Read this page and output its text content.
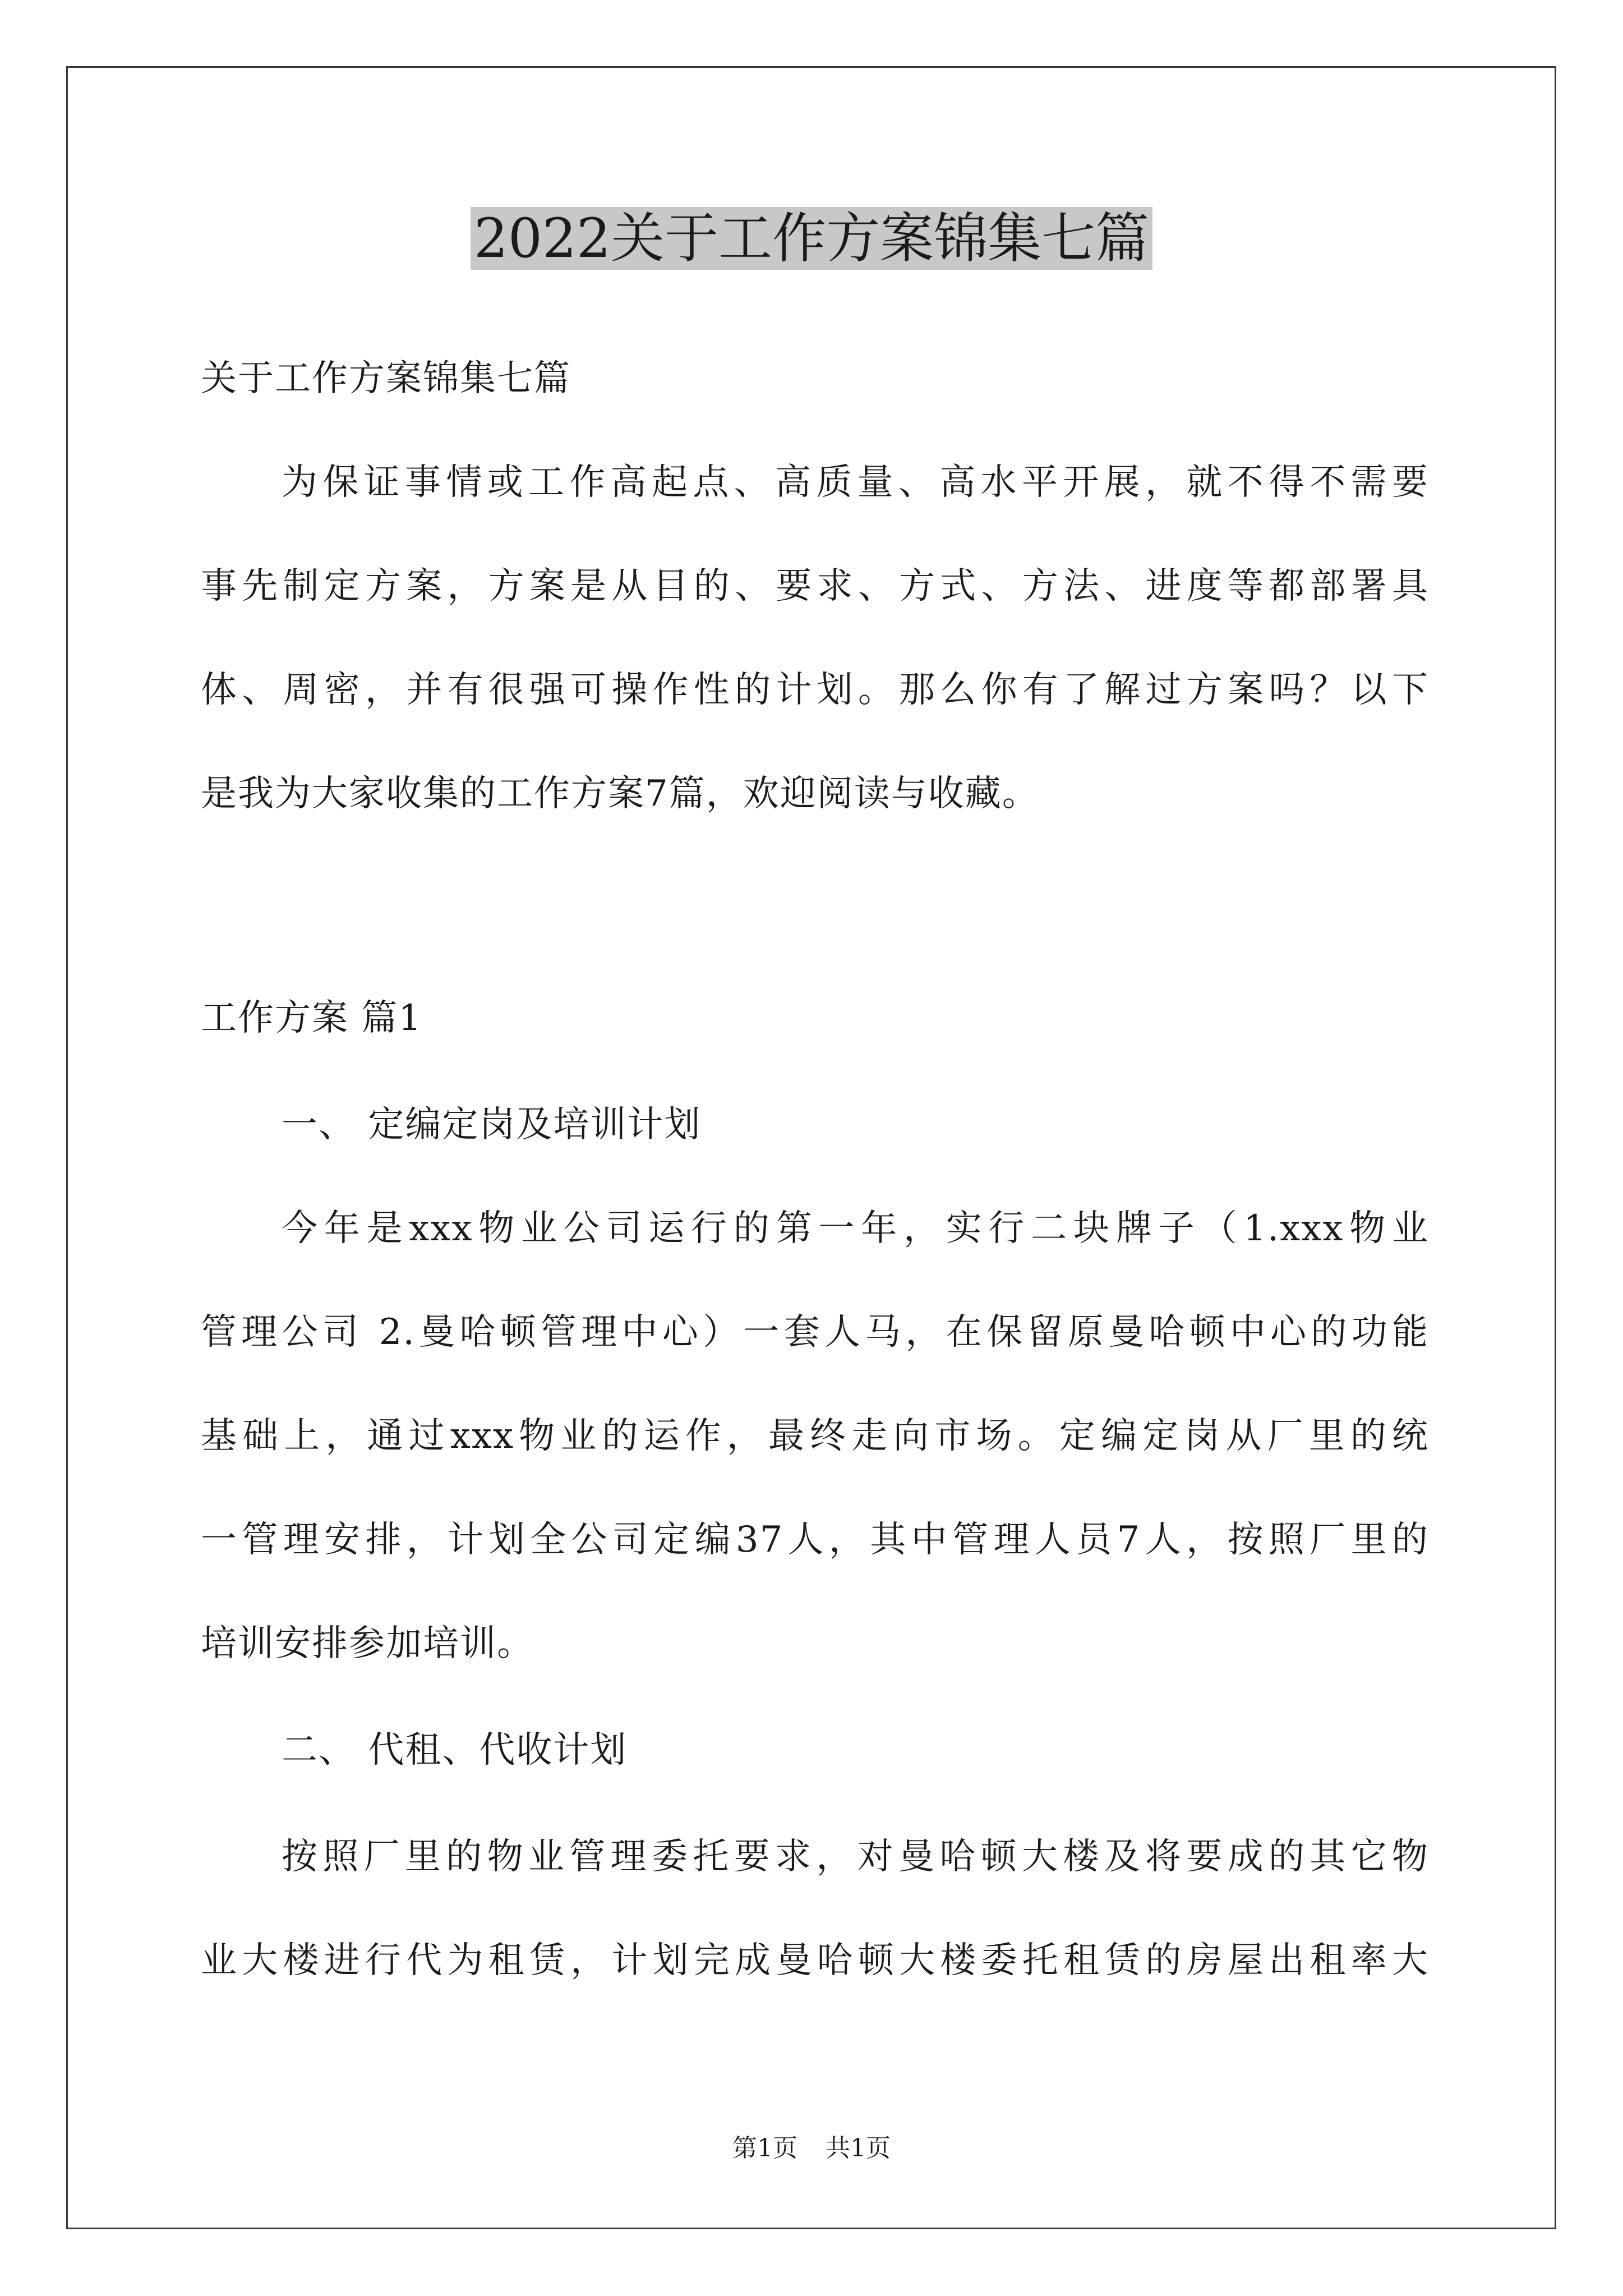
2022关于工作方案锦集七篇
关于工作方案锦集七篇
为保证事情或工作高起点、高质量、高水平开展，就不得不需要
事先制定方案，方案是从目的、要求、方式、方法、进度等都部署具
体、周密，并有很强可操作性的计划。那么你有了解过方案吗？以下
是我为大家收集的工作方案7篇，欢迎阅读与收藏。
工作方案 篇1
一、 定编定岗及培训计划
今年是xxx物业公司运行的第一年，实行二块牌子（1.xxx物业
管理公司 2.曼哈顿管理中心）一套人马，在保留原曼哈顿中心的功能
基础上，通过xxx物业的运作，最终走向市场。定编定岗从厂里的统
一管理安排，计划全公司定编37人，其中管理人员7人，按照厂里的
培训安排参加培训。
二、 代租、代收计划
按照厂里的物业管理委托要求，对曼哈顿大楼及将要成的其它物
业大楼进行代为租赁，计划完成曼哈顿大楼委托租赁的房屋出租率大
第1页 共1页
